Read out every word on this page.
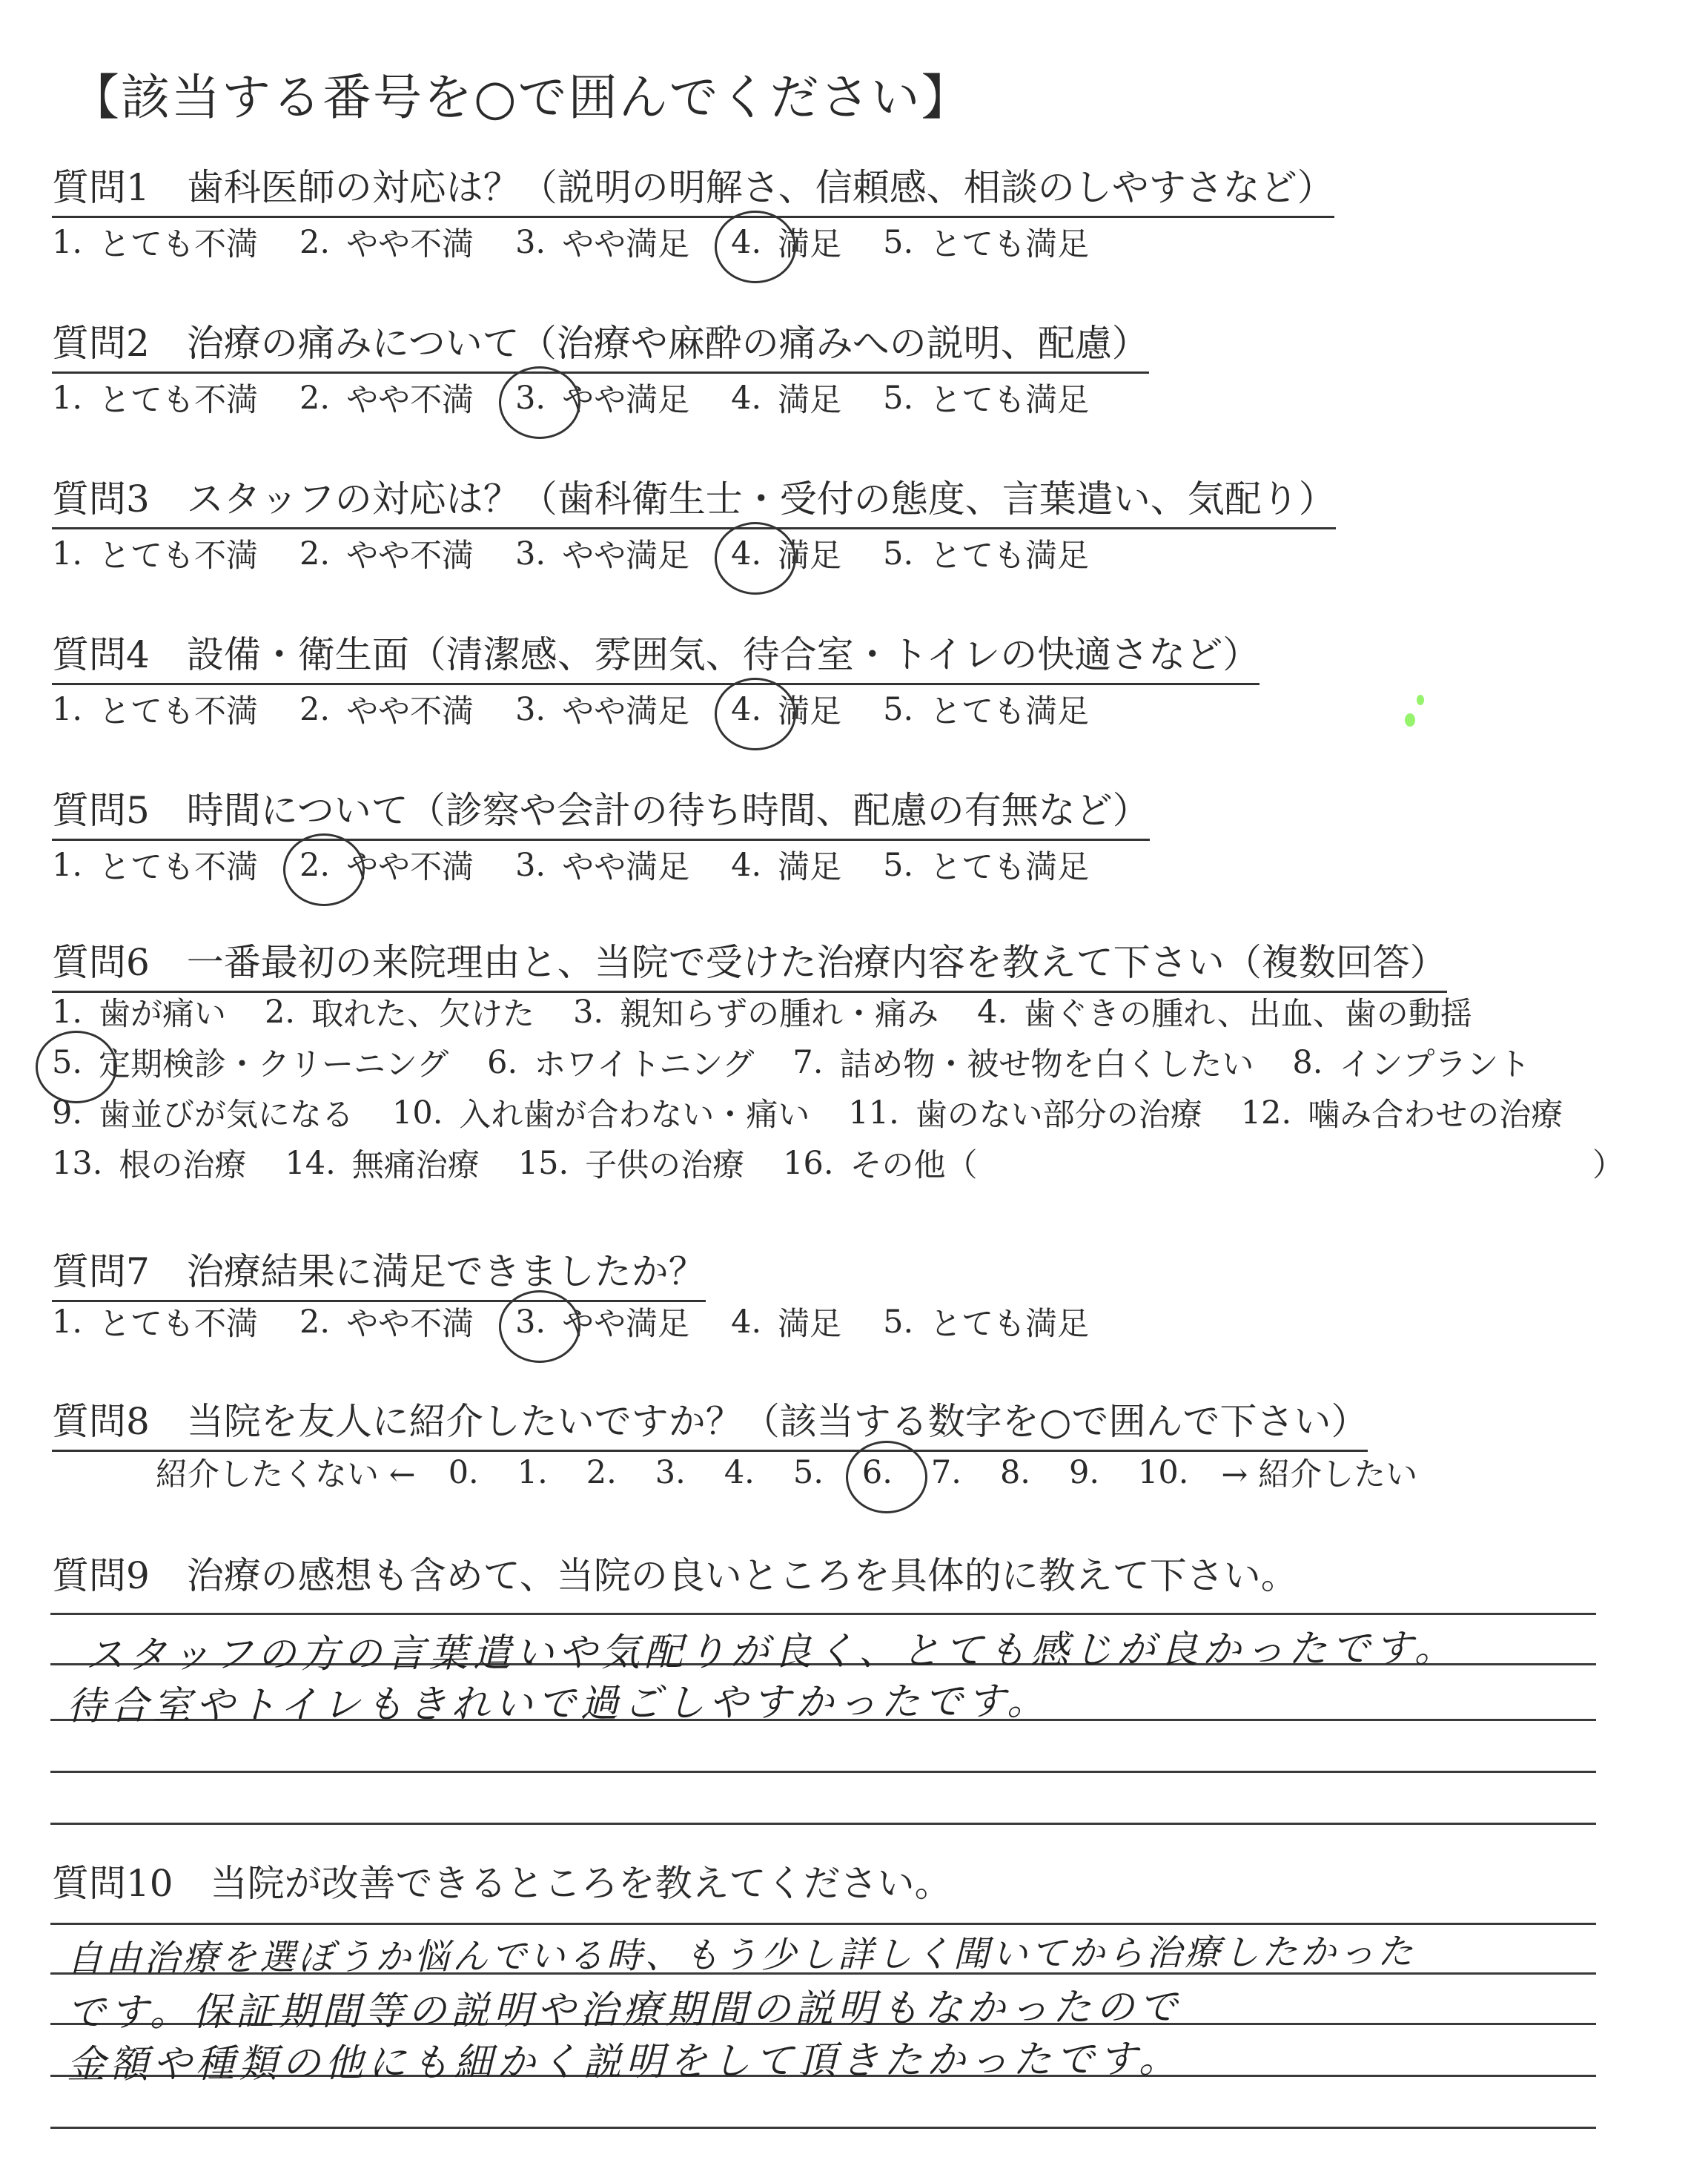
【該当する番号を○で囲んでください】
質問1　歯科医師の対応は？（説明の明解さ、信頼感、相談のしやすさなど）
1. とても不満 2. やや不満 3. やや満足 4. 満足 5. とても満足
質問2　治療の痛みについて（治療や麻酔の痛みへの説明、配慮）
1. とても不満 2. やや不満 3. やや満足 4. 満足 5. とても満足
質問3　スタッフの対応は？（歯科衛生士・受付の態度、言葉遣い、気配り）
1. とても不満 2. やや不満 3. やや満足 4. 満足 5. とても満足
質問4　設備・衛生面（清潔感、雰囲気、待合室・トイレの快適さなど）
1. とても不満 2. やや不満 3. やや満足 4. 満足 5. とても満足
質問5　時間について（診察や会計の待ち時間、配慮の有無など）
1. とても不満 2. やや不満 3. やや満足 4. 満足 5. とても満足
質問6　一番最初の来院理由と、当院で受けた治療内容を教えて下さい（複数回答）
1. 歯が痛い 2. 取れた、欠けた 3. 親知らずの腫れ・痛み 4. 歯ぐきの腫れ、出血、歯の動揺
5. 定期検診・クリーニング 6. ホワイトニング 7. 詰め物・被せ物を白くしたい 8. インプラント
9. 歯並びが気になる 10. 入れ歯が合わない・痛い 11. 歯のない部分の治療 12. 噛み合わせの治療
13. 根の治療 14. 無痛治療 15. 子供の治療 16. その他（	）
質問7　治療結果に満足できましたか？
1. とても不満 2. やや不満 3. やや満足 4. 満足 5. とても満足
質問8　当院を友人に紹介したいですか？（該当する数字を○で囲んで下さい）
紹介したくない ← 0. 1. 2. 3. 4. 5. 6. 7. 8. 9. 10. → 紹介したい
質問9　治療の感想も含めて、当院の良いところを具体的に教えて下さい。
スタッフの方の言葉遣いや気配りが良く、とても感じが良かったです。
待合室やトイレもきれいで過ごしやすかったです。
質問10　当院が改善できるところを教えてください。
自由治療を選ぼうか悩んでいる時、もう少し詳しく聞いてから治療したかった
です。保証期間等の説明や治療期間の説明もなかったので
金額や種類の他にも細かく説明をして頂きたかったです。
